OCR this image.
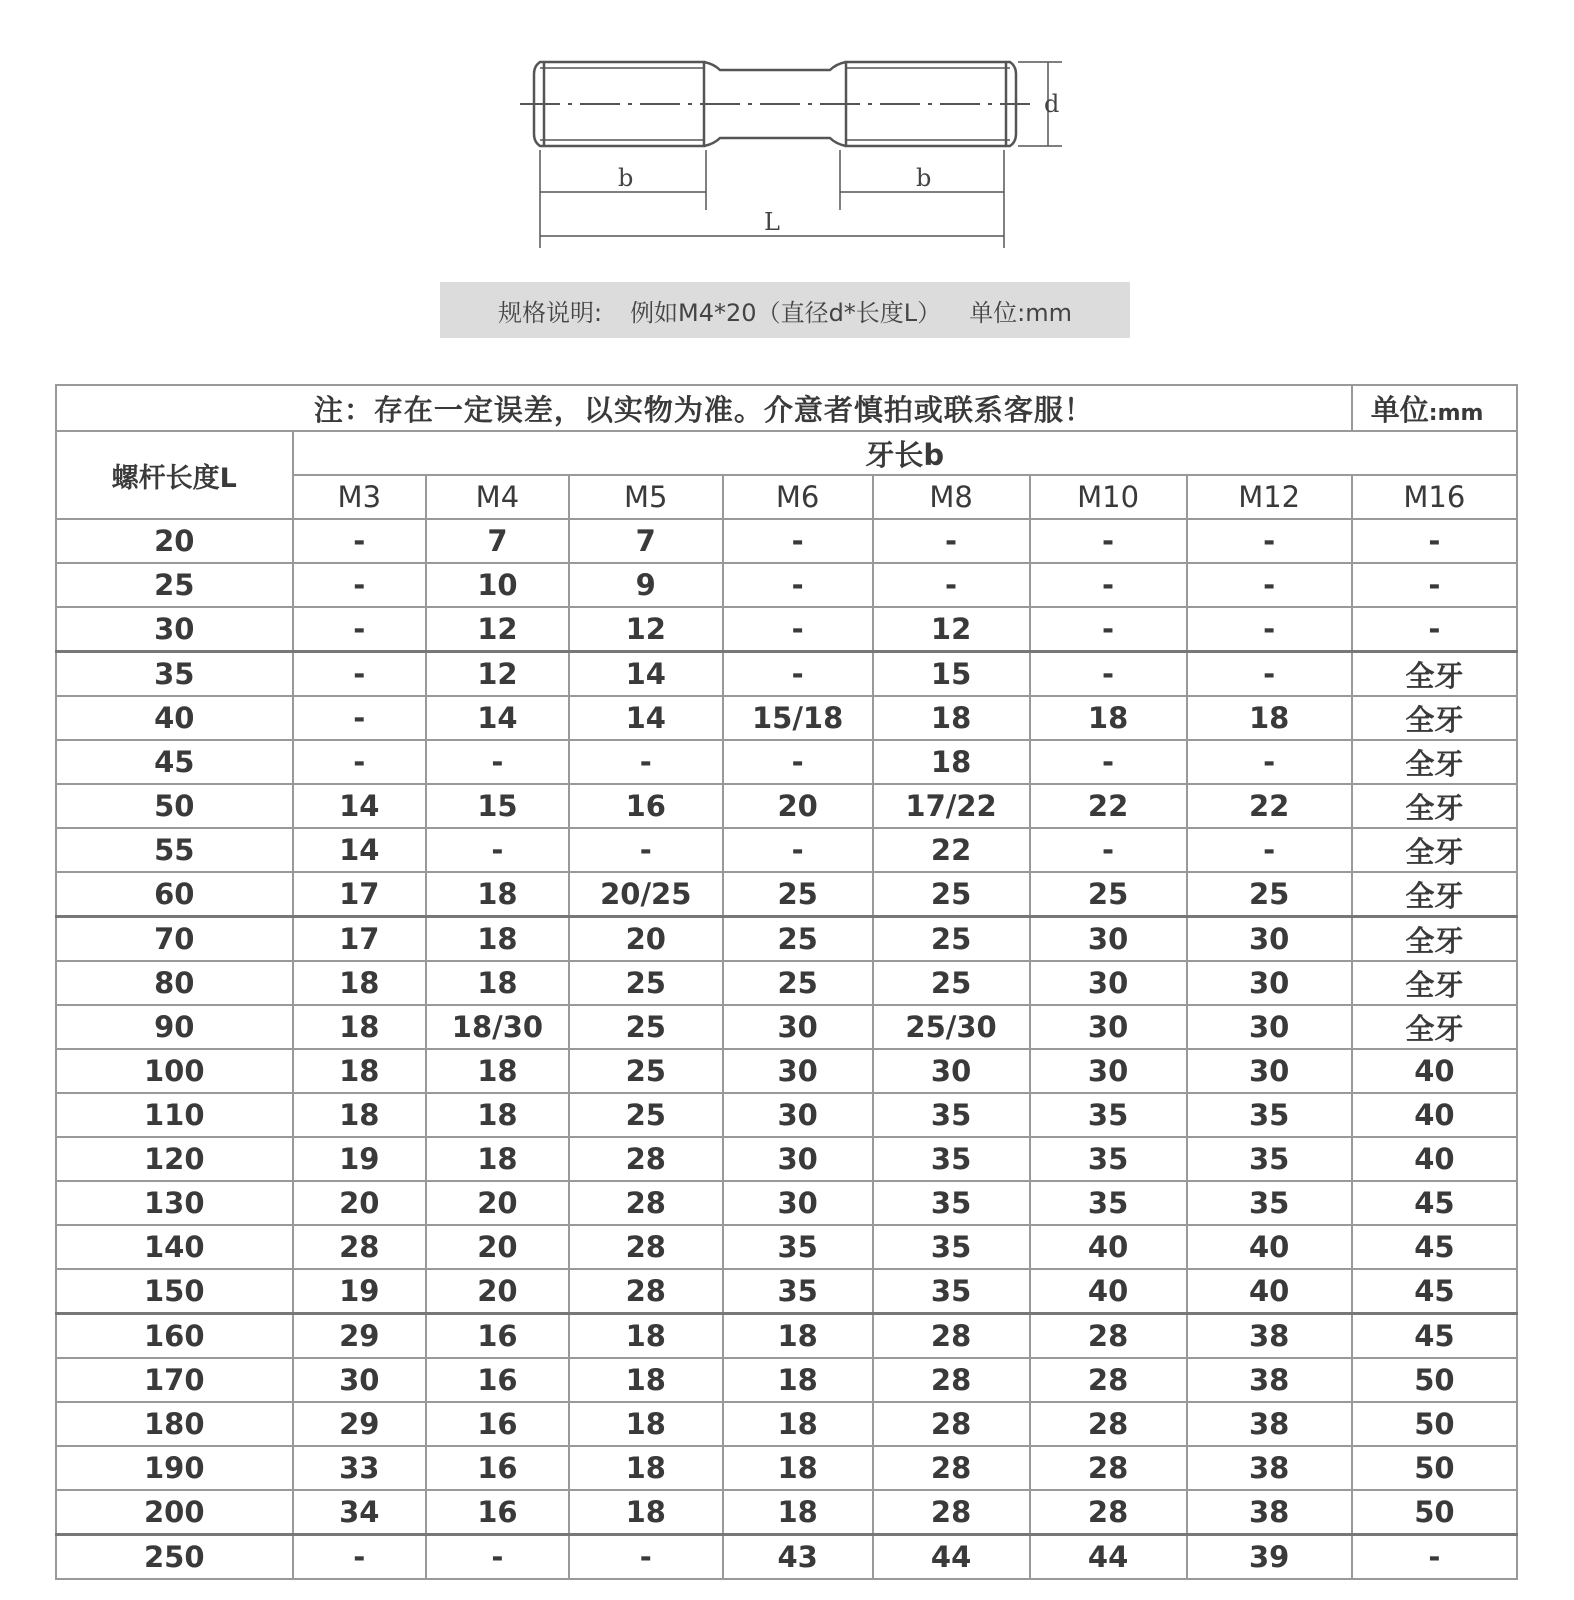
d
b	b
L
规格说明: 例如M4*20（直径d*长度L） 单位:mm
注：存在一定误差，以实物为准。介意者慎拍或联系客服！								单位:mm
螺杆长度L	牙长b							
	M3	M4	M5	M6	M8	M10	M12	M16
20	-	7	7	-	-	-	-	-
25	-	10	9	-	-	-	-	-
30	-	12	12	-	12	-	-	-
35	-	12	14	-	15	-	-	全牙
40	-	14	14	15/18	18	18	18	全牙
45	-	-	-	-	18	-	-	全牙
50	14	15	16	20	17/22	22	22	全牙
55	14	-	-	-	22	-	-	全牙
60	17	18	20/25	25	25	25	25	全牙
70	17	18	20	25	25	30	30	全牙
80	18	18	25	25	25	30	30	全牙
90	18	18/30	25	30	25/30	30	30	全牙
100	18	18	25	30	30	30	30	40
110	18	18	25	30	35	35	35	40
120	19	18	28	30	35	35	35	40
130	20	20	28	30	35	35	35	45
140	28	20	28	35	35	40	40	45
150	19	20	28	35	35	40	40	45
160	29	16	18	18	28	28	38	45
170	30	16	18	18	28	28	38	50
180	29	16	18	18	28	28	38	50
190	33	16	18	18	28	28	38	50
200	34	16	18	18	28	28	38	50
250	-	-	-	43	44	44	39	-
